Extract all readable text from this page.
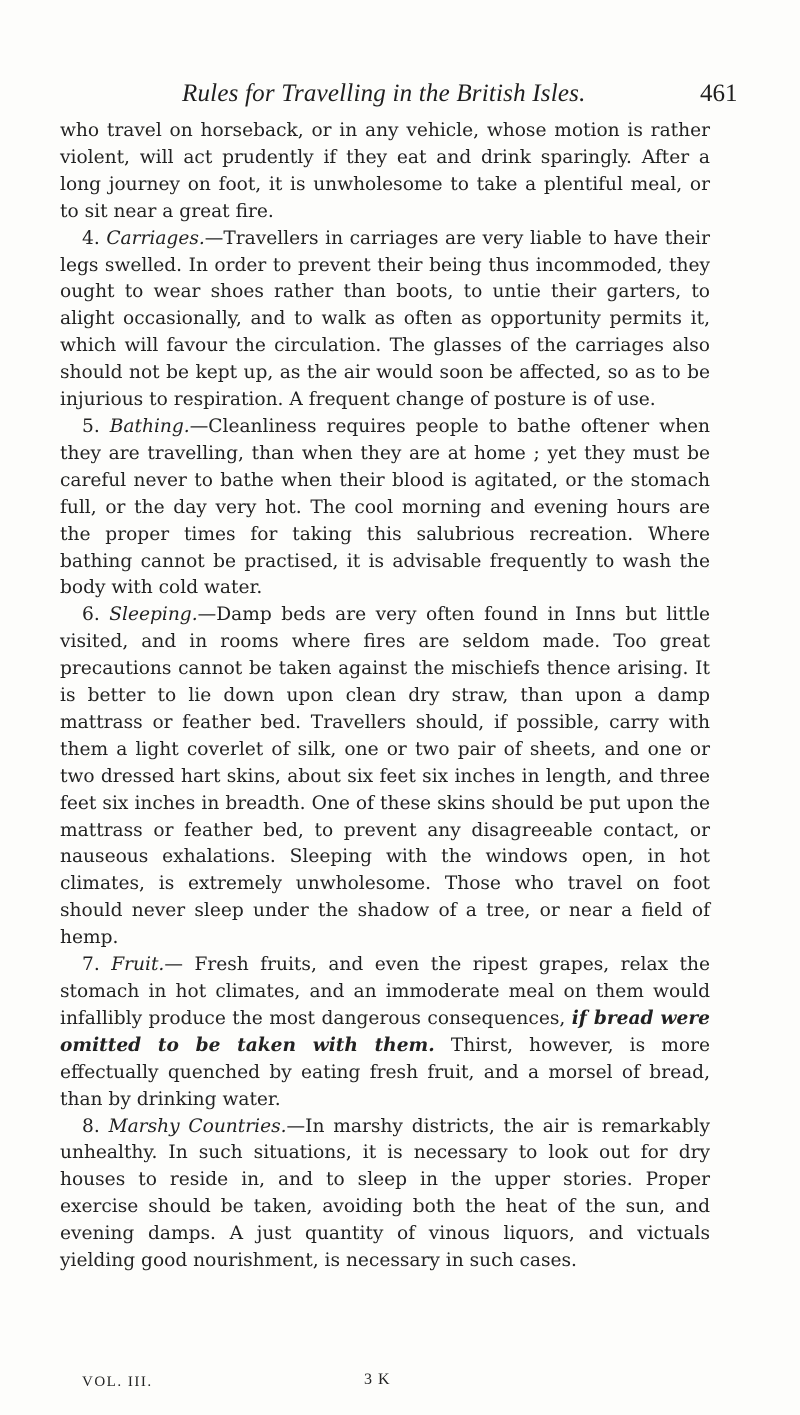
Rules for Travelling in the British Isles.	461

who travel on horseback, or in any vehicle, whose motion is rather violent, will act prudently if they eat and drink sparingly. After a long journey on foot, it is unwholesome to take a plentiful meal, or to sit near a great fire.

4. Carriages.—Travellers in carriages are very liable to have their legs swelled. In order to prevent their being thus incommoded, they ought to wear shoes rather than boots, to untie their garters, to alight occasionally, and to walk as often as opportunity permits it, which will favour the circulation. The glasses of the carriages also should not be kept up, as the air would soon be affected, so as to be injurious to respiration. A frequent change of posture is of use.

5. Bathing.—Cleanliness requires people to bathe oftener when they are travelling, than when they are at home ; yet they must be careful never to bathe when their blood is agitated, or the stomach full, or the day very hot. The cool morning and evening hours are the proper times for taking this salubrious recreation. Where bathing cannot be practised, it is advisable frequently to wash the body with cold water.

6. Sleeping.—Damp beds are very often found in Inns but little visited, and in rooms where fires are seldom made. Too great precautions cannot be taken against the mischiefs thence arising. It is better to lie down upon clean dry straw, than upon a damp mattrass or feather bed. Travellers should, if possible, carry with them a light coverlet of silk, one or two pair of sheets, and one or two dressed hart skins, about six feet six inches in length, and three feet six inches in breadth. One of these skins should be put upon the mattrass or feather bed, to prevent any disagreeable contact, or nauseous exhalations. Sleeping with the windows open, in hot climates, is extremely unwholesome. Those who travel on foot should never sleep under the shadow of a tree, or near a field of hemp.

7. Fruit.— Fresh fruits, and even the ripest grapes, relax the stomach in hot climates, and an immoderate meal on them would infallibly produce the most dangerous consequences, if bread were omitted to be taken with them. Thirst, however, is more effectually quenched by eating fresh fruit, and a morsel of bread, than by drinking water.

8. Marshy Countries.—In marshy districts, the air is remarkably unhealthy. In such situations, it is necessary to look out for dry houses to reside in, and to sleep in the upper stories. Proper exercise should be taken, avoiding both the heat of the sun, and evening damps. A just quantity of vinous liquors, and victuals yielding good nourishment, is necessary in such cases.

VOL. III.	3 K
